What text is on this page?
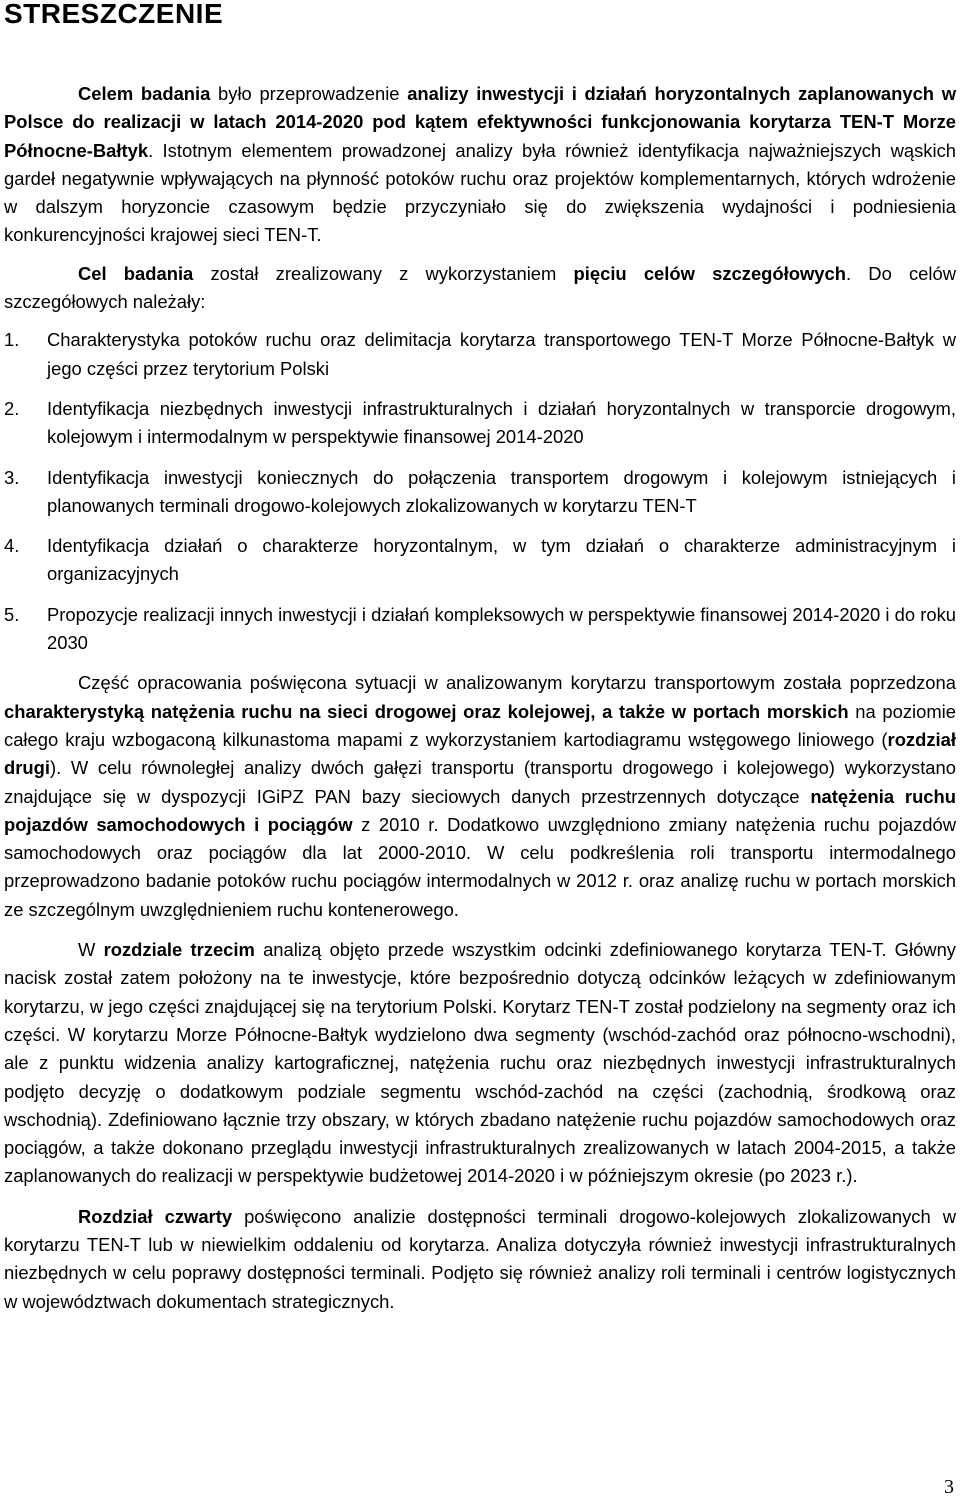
STRESZCZENIE

Celem badania było przeprowadzenie analizy inwestycji i działań horyzontalnych zaplanowanych w Polsce do realizacji w latach 2014-2020 pod kątem efektywności funkcjonowania korytarza TEN-T Morze Północne-Bałtyk. Istotnym elementem prowadzonej analizy była również identyfikacja najważniejszych wąskich gardeł negatywnie wpływających na płynność potoków ruchu oraz projektów komplementarnych, których wdrożenie w dalszym horyzoncie czasowym będzie przyczyniało się do zwiększenia wydajności i podniesienia konkurencyjności krajowej sieci TEN-T.

Cel badania został zrealizowany z wykorzystaniem pięciu celów szczegółowych. Do celów szczegółowych należały:

1.	Charakterystyka potoków ruchu oraz delimitacja korytarza transportowego TEN-T Morze Północne-Bałtyk w jego części przez terytorium Polski
2.	Identyfikacja niezbędnych inwestycji infrastrukturalnych i działań horyzontalnych w transporcie drogowym, kolejowym i intermodalnym w perspektywie finansowej 2014-2020
3.	Identyfikacja inwestycji koniecznych do połączenia transportem drogowym i kolejowym istniejących i planowanych terminali drogowo-kolejowych zlokalizowanych w korytarzu TEN-T
4.	Identyfikacja działań o charakterze horyzontalnym, w tym działań o charakterze administracyjnym i organizacyjnych
5.	Propozycje realizacji innych inwestycji i działań kompleksowych w perspektywie finansowej 2014-2020 i do roku 2030

Część opracowania poświęcona sytuacji w analizowanym korytarzu transportowym została poprzedzona charakterystyką natężenia ruchu na sieci drogowej oraz kolejowej, a także w portach morskich na poziomie całego kraju wzbogaconą kilkunastoma mapami z wykorzystaniem kartodiagramu wstęgowego liniowego (rozdział drugi). W celu równoległej analizy dwóch gałęzi transportu (transportu drogowego i kolejowego) wykorzystano znajdujące się w dyspozycji IGiPZ PAN bazy sieciowych danych przestrzennych dotyczące natężenia ruchu pojazdów samochodowych i pociągów z 2010 r. Dodatkowo uwzględniono zmiany natężenia ruchu pojazdów samochodowych oraz pociągów dla lat 2000-2010. W celu podkreślenia roli transportu intermodalnego przeprowadzono badanie potoków ruchu pociągów intermodalnych w 2012 r. oraz analizę ruchu w portach morskich ze szczególnym uwzględnieniem ruchu kontenerowego.

W rozdziale trzecim analizą objęto przede wszystkim odcinki zdefiniowanego korytarza TEN-T. Główny nacisk został zatem położony na te inwestycje, które bezpośrednio dotyczą odcinków leżących w zdefiniowanym korytarzu, w jego części znajdującej się na terytorium Polski. Korytarz TEN-T został podzielony na segmenty oraz ich części. W korytarzu Morze Północne-Bałtyk wydzielono dwa segmenty (wschód-zachód oraz północno-wschodni), ale z punktu widzenia analizy kartograficznej, natężenia ruchu oraz niezbędnych inwestycji infrastrukturalnych podjęto decyzję o dodatkowym podziale segmentu wschód-zachód na części (zachodnią, środkową oraz wschodnią). Zdefiniowano łącznie trzy obszary, w których zbadano natężenie ruchu pojazdów samochodowych oraz pociągów, a także dokonano przeglądu inwestycji infrastrukturalnych zrealizowanych w latach 2004-2015, a także zaplanowanych do realizacji w perspektywie budżetowej 2014-2020 i w późniejszym okresie (po 2023 r.).

Rozdział czwarty poświęcono analizie dostępności terminali drogowo-kolejowych zlokalizowanych w korytarzu TEN-T lub w niewielkim oddaleniu od korytarza. Analiza dotyczyła również inwestycji infrastrukturalnych niezbędnych w celu poprawy dostępności terminali. Podjęto się również analizy roli terminali i centrów logistycznych w województwach dokumentach strategicznych.

3
